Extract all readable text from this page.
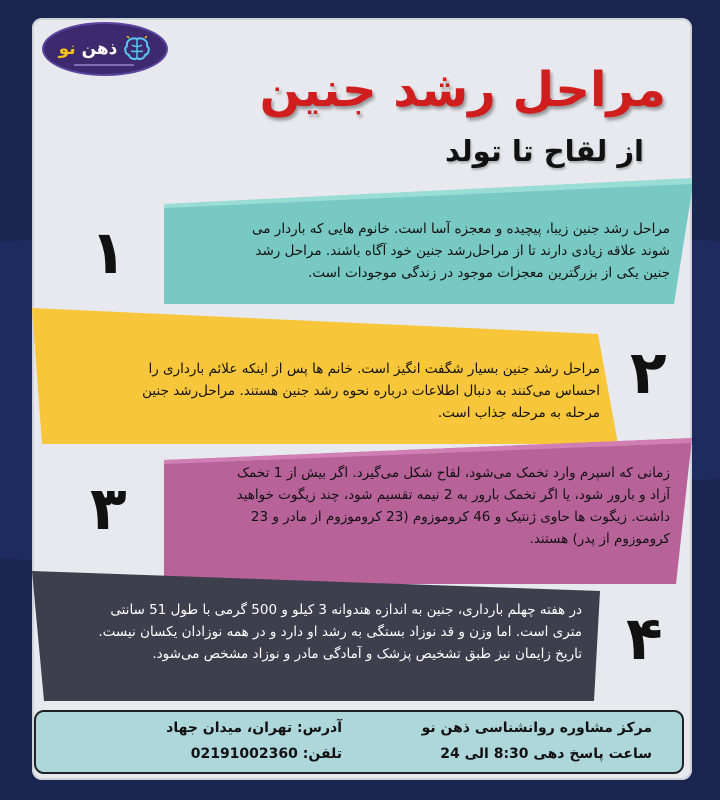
ذهن نو
مراحل رشد جنین
از لقاح تا تولد
۱	مراحل رشد جنین زیبا، پیچیده و معجزه آسا است. خانوم هایی که باردار می
شوند علاقه زیادی دارند تا از مراحل‌رشد جنین خود آگاه باشند. مراحل رشد
جنین یکی از بزرگترین معجزات موجود در زندگی موجودات است.
مراحل رشد جنین بسیار شگفت انگیز است. خانم ها پس از اینکه علائم بارداری را
احساس می‌کنند به دنبال اطلاعات درباره نحوه رشد جنین هستند. مراحل‌رشد جنین
مرحله به مرحله جذاب است.
۲
۳
زمانی که اسپرم وارد تخمک می‌شود، لقاح شکل می‌گیرد. اگر بیش از 1 تخمک
آزاد و بارور شود، یا اگر تخمک بارور به 2 نیمه تقسیم شود، چند زیگوت خواهید
داشت. زیگوت ها حاوی ژنتیک و 46 کروموزوم (23 کروموزوم از مادر و 23
کروموزوم از پدر) هستند.
در هفته چهلم بارداری، جنین به اندازه هندوانه 3 کیلو و 500 گرمی با طول 51 سانتی
متری است. اما وزن و قد نوزاد بستگی به رشد او دارد و در همه نوزادان یکسان نیست.
تاریخ زایمان نیز طبق تشخیص پزشک و آمادگی مادر و نوزاد مشخص می‌شود. ۴
مرکز مشاوره روانشناسی ذهن نو
ساعت پاسخ دهی 8:30 الی 24
آدرس: تهران، میدان جهاد
تلفن: 02191002360
